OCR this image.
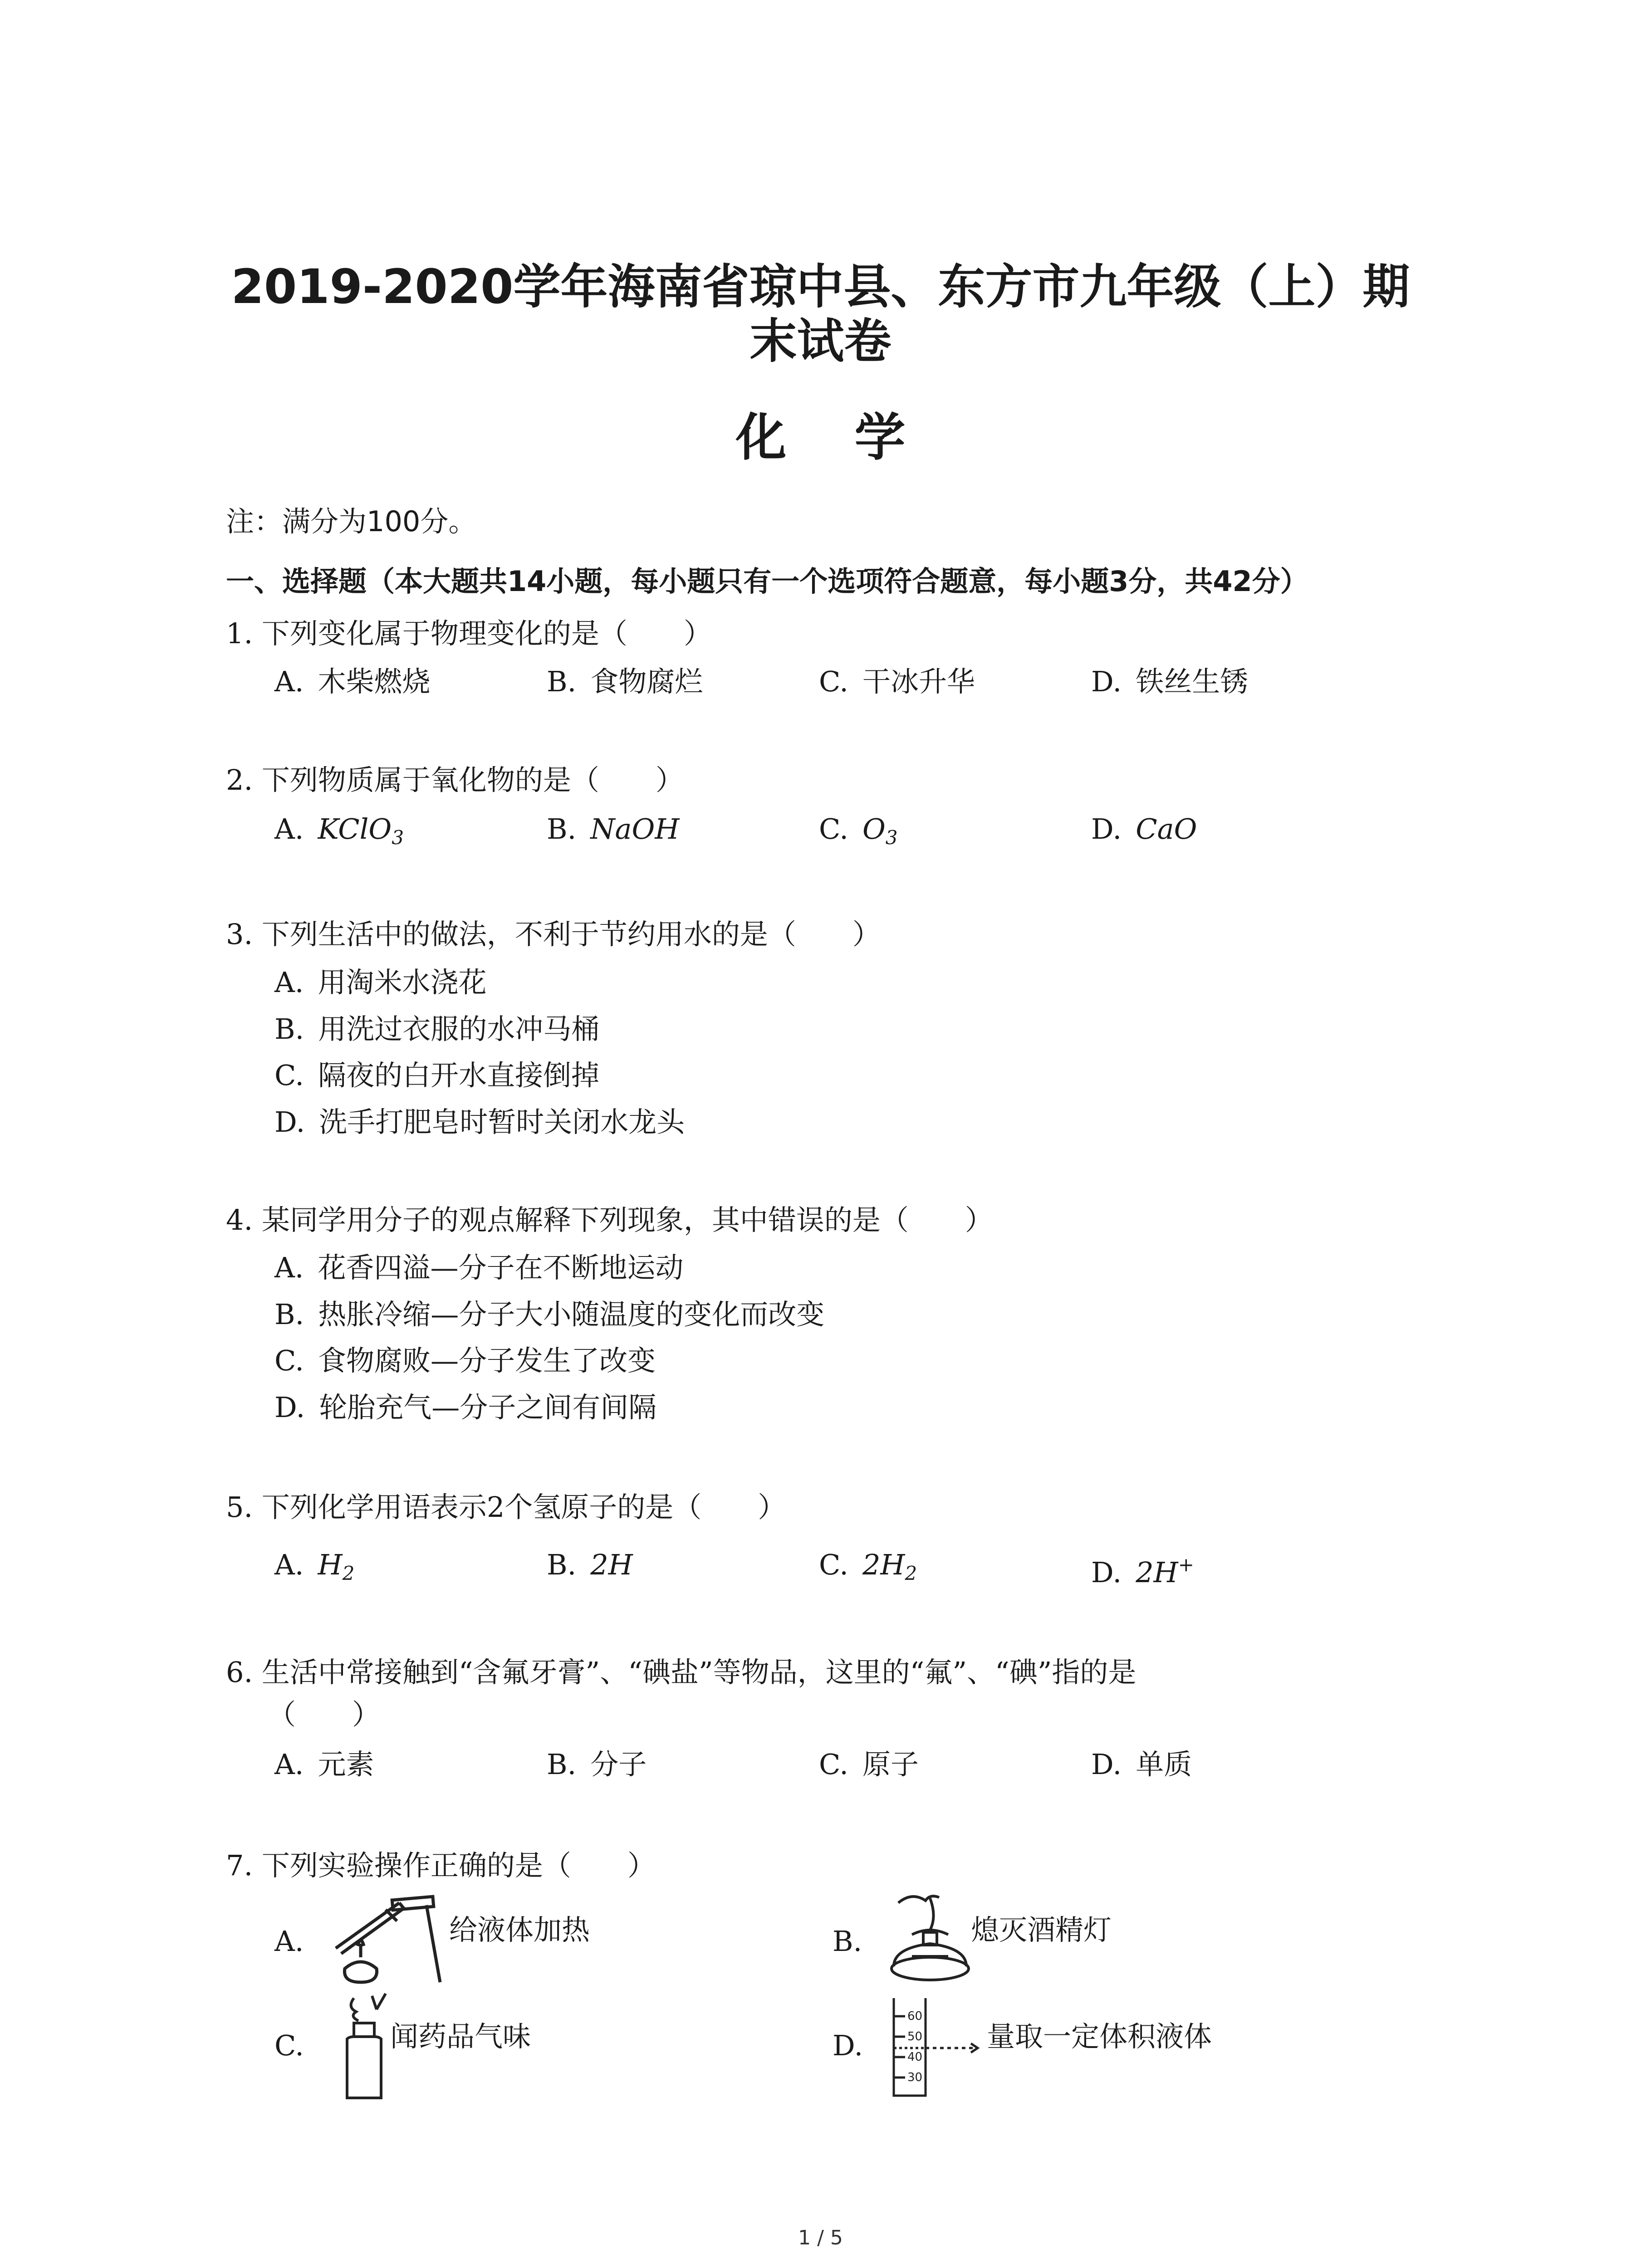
2019-2020学年海南省琼中县、东方市九年级（上）期
末试卷
化学
注：满分为100分。
一、选择题（本大题共14小题，每小题只有一个选项符合题意，每小题3分，共42分）
1. 下列变化属于物理变化的是（　　）
A.  木柴燃烧	B.  食物腐烂	C.  干冰升华	D.  铁丝生锈
2. 下列物质属于氧化物的是（　　）
A.  KClO$_3$	B.  NaOH	C.  $O_3$	D.  CaO
3. 下列生活中的做法，不利于节约用水的是（　　）
A.  用淘米水浇花
B.  用洗过衣服的水冲马桶
C.  隔夜的白开水直接倒掉
D.  洗手打肥皂时暂时关闭水龙头
4. 某同学用分子的观点解释下列现象，其中错误的是（　　）
A.  花香四溢—分子在不断地运动
B.  热胀冷缩—分子大小随温度的变化而改变
C.  食物腐败—分子发生了改变
D.  轮胎充气—分子之间有间隔
5. 下列化学用语表示2个氢原子的是（　　）
A.  $H_2$	B.  2H	C.  $2H_2$	D.  2H+
6. 生活中常接触到“含氟牙膏”、“碘盐”等物品，这里的“氟”、“碘”指的是
（　　）
A.  元素	B.  分子	C.  原子	D.  单质
7. 下列实验操作正确的是（　　）
A.	给液体加热	B.	熄灭酒精灯
C.	闻药品气味	D.
60
50
40
30
量取一定体积液体
1 / 5
